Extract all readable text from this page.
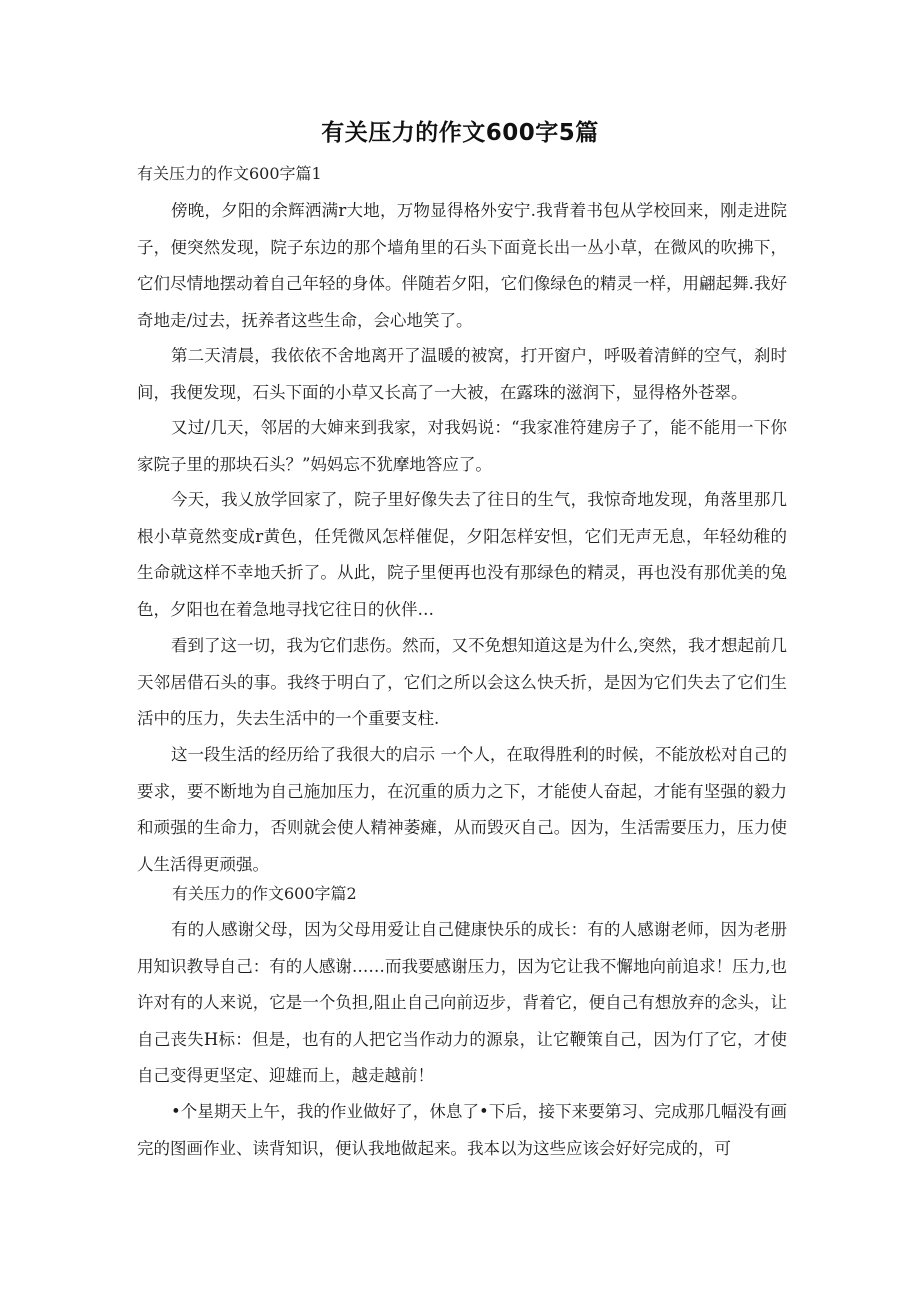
有关压力的作文600字5篇
有关压力的作文600字篇1

傍晚，夕阳的余辉洒满r大地，万物显得格外安宁.我背着书包从学校回来，刚走进院子，便突然发现，院子东边的那个墙角里的石头下面竟长出一丛小草，在微风的吹拂下，它们尽情地摆动着自己年轻的身体。伴随若夕阳，它们像绿色的精灵一样，用翩起舞.我好奇地走/过去，抚养者这些生命，会心地笑了。

第二天清晨，我依依不舍地离开了温暖的被窝，打开窗户，呼吸着清鲜的空气，刹时间，我便发现，石头下面的小草又长高了一大被，在露珠的滋润下，显得格外苍翠。

又过/几天，邻居的大婶来到我家，对我妈说：“我家准符建房子了，能不能用一下你家院子里的那块石头？”妈妈忘不犹摩地答应了。

今天，我乂放学回家了，院子里好像失去了往日的生气，我惊奇地发现，角落里那几根小草竟然变成r黄色，任凭微风怎样催促，夕阳怎样安怛，它们无声无息，年轻幼稚的生命就这样不幸地夭折了。从此，院子里便再也没有那绿色的精灵，再也没有那优美的兔色，夕阳也在着急地寻找它往日的伙伴…

看到了这一切，我为它们悲伤。然而，又不免想知道这是为什么,突然，我才想起前几天邻居借石头的事。我终于明白了，它们之所以会这么快夭折，是因为它们失去了它们生活中的压力，失去生活中的一个重要支柱.

这一段生活的经历给了我很大的启示 一个人，在取得胜利的时候，不能放松对自己的要求，要不断地为自己施加压力，在沉重的质力之下，才能使人奋起，才能有坚强的毅力和顽强的生命力，否则就会使人精神萎瘫，从而毁灭自己。因为，生活需要压力，压力使人生活得更顽强。

有关压力的作文600字篇2

有的人感谢父母，因为父母用爱让自己健康快乐的成长：有的人感谢老师，因为老册用知识教导自己：有的人感谢……而我要感谢压力，因为它让我不懈地向前追求！压力,也许对有的人来说，它是一个负担,阻止自己向前迈步，背着它，便自己有想放弃的念头，让自己丧失H标：但是，也有的人把它当作动力的源泉，让它鞭策自己，因为仃了它，才使自己变得更坚定、迎雄而上，越走越前！

•个星期天上午，我的作业做好了，休息了•下后，接下来要第习、完成那几幅没有画完的图画作业、读背知识，便认我地做起来。我本以为这些应该会好好完成的，可
